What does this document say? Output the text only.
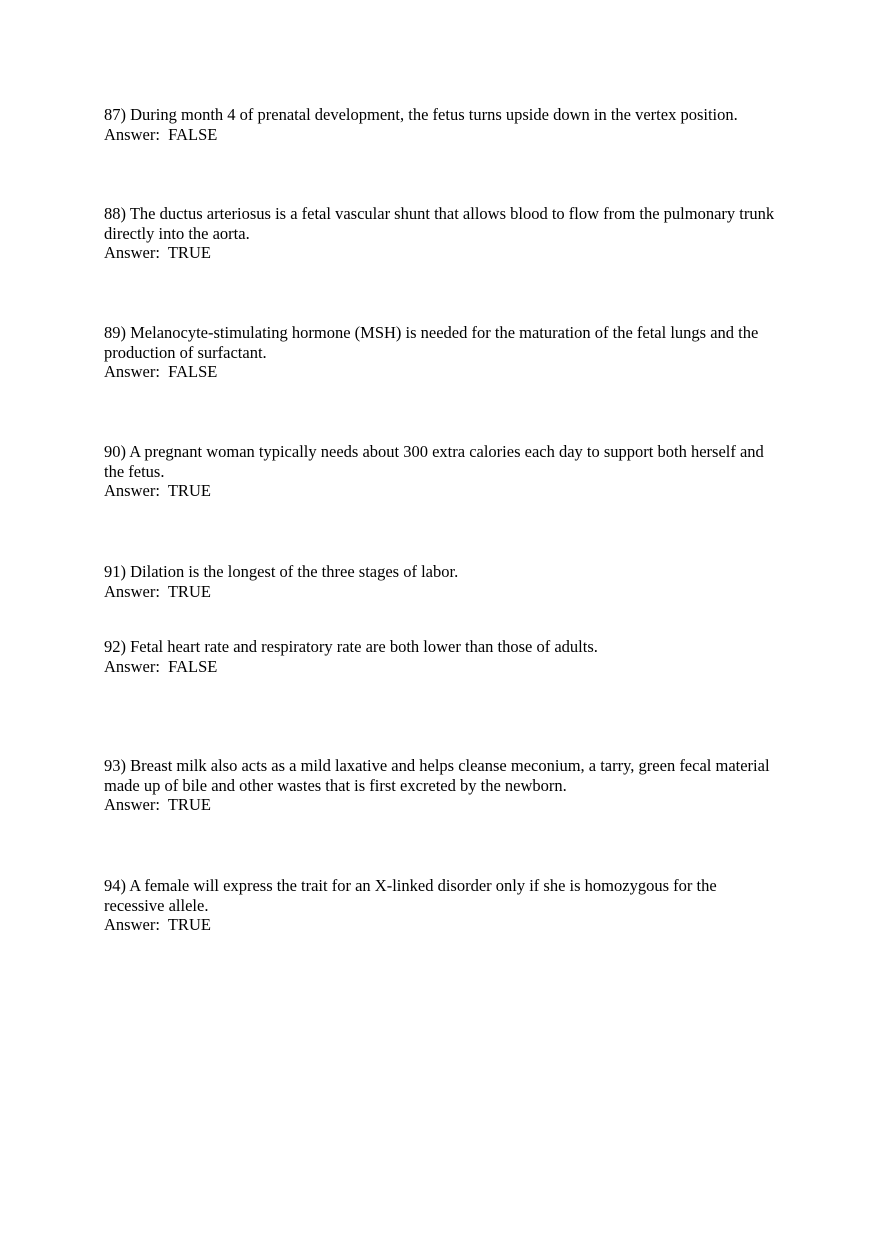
87) During month 4 of prenatal development, the fetus turns upside down in the vertex position.

Answer:  FALSE

88) The ductus arteriosus is a fetal vascular shunt that allows blood to flow from the pulmonary trunk directly into the aorta.

Answer:  TRUE

89) Melanocyte-stimulating hormone (MSH) is needed for the maturation of the fetal lungs and the production of surfactant.

Answer:  FALSE

90) A pregnant woman typically needs about 300 extra calories each day to support both herself and the fetus.

Answer:  TRUE

91) Dilation is the longest of the three stages of labor.

Answer:  TRUE

92) Fetal heart rate and respiratory rate are both lower than those of adults.

Answer:  FALSE

93) Breast milk also acts as a mild laxative and helps cleanse meconium, a tarry, green fecal material made up of bile and other wastes that is first excreted by the newborn.

Answer:  TRUE

94) A female will express the trait for an X-linked disorder only if she is homozygous for the recessive allele.

Answer:  TRUE
